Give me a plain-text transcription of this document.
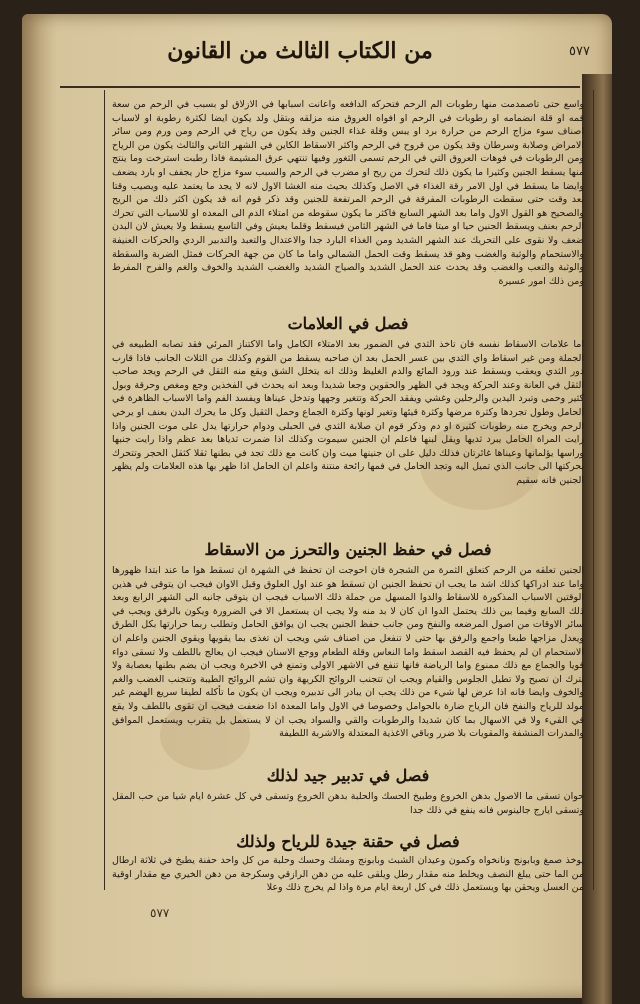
من الكتاب الثالث من القانون	٥٧٧
واسع حتى تاصمدمت منها رطوبات الم الرحم فتحركه الدافعه واعانت اسبابها في الازلاق لو بسبب في الرحم من سعة فمه او قلة انضمامه او رطوبات في الرحم او افواه العروق منه مزلقه وبتقل ولد يكون ايضا لكثرة رطوبة او لاسباب اصناف سوء مزاج الرحم من حرارة برد او يبس وقلة غذاء الجنين وقد يكون من رياح في الرحم ومن ورم ومن سائر الامراض وصلابة وسرطان وقد يكون من قروح في الرحم واكثر الاسقاط الكاين في الشهر الثاني والثالث يكون من الرياح ومن الرطوبات في فوهات العروق التي في الرحم تسمى الثغور وفيها تنتهي عرق المشيمة فاذا رطبت استرخت وما ينتج منها يسقط الجنين وكثيرا ما يكون ذلك لتحرك من ريح او مضرب في الرحم والسبب سوء مزاج حار يجفف او بارد يضعف وايضا ما يسقط في اول الامر رقة الغذاء في الاصل وكذلك بحيث منه الغشا الاول لانه لا يجد ما يعتمد عليه ويصيب وقتا بعد وقت حتى سقطت الرطوبات المفرقة في الرحم المرتفعة للجنين وقد ذكر قوم انه قد يكون اكثر ذلك من الريح والصحيح هو القول الاول واما بعد الشهر السابع فاكثر ما يكون سقوطه من امتلاء الدم الى المعده او للاسباب التي تحرك الرحم بعنف ويسقط الجنين حيا او ميتا فاما في الشهر الثامن فيسقط وقلما يعيش وفي التاسع يسقط ولا يعيش لان البدن ضعف ولا نقوى على التحريك عند الشهر الشديد ومن الغذاء البارد جدا والاعتدال والتعبد والتدبير الردي والحركات العنيفة والاستحمام والوثبة والغضب وهو قد يسقط وقت الحمل الشمالي واما ما كان من جهة الحركات فمثل الضربة والسقطة والوثبة والتعب والغضب وقد يحدث عند الحمل الشديد والصياح الشديد والغضب الشديد والخوف والغم والفرح المفرط ومن ذلك امور عسيرة
فصل في العلامات
اما علامات الاسقاط نفسه فان تاخذ الثدي في الضمور بعد الامتلاء الكامل واما الاكتناز المرئي فقد تصابه الطبيعه في الجملة ومن غير اسقاط واي الثدي بين عسر الحمل بعد ان صاحبه يسقط من القوم وكذلك من الثلاث الجانب فاذا قارب دور الثدي ويعقب ويسقط عند ورود المائع والدم الغليظ وذلك انه يتخلل الشق ويقع منه الثقل في الرحم ويجد صاحب الثقل في العانة وعند الحركة ويجد في الظهر والحقوين وجعا شديدا وبعد انه يحدث في الفخذين وجع ومغص وحرقة وبول كثير وحمى وتبرد اليدين والرجلين وغشي ويفقد الحركة وتتغير وجهها وتدخل عيناها ويفسد الفم واما الاسباب الظاهرة في الحامل وطول تجردها وكثرة مرضها وكثرة قيئها وتغير لونها وكثرة الجماع وحمل الثقيل وكل ما يحرك البدن بعنف او يرخي الرحم ويخرج منه رطوبات كثيرة او دم وذكر قوم ان صلابة الثدي في الحبلى ودوام حرارتها يدل على موت الجنين واذا رايت المراة الحامل يبرد ثديها ويقل لبنها فاعلم ان الجنين سيموت وكذلك اذا ضمرت ثدياها بعد عظم واذا رايت جنبها وراسها يؤلمانها وعيناها غائرتان فذلك دليل على ان جنينها ميت وان كانت مع ذلك تجد في بطنها ثقلا كثقل الحجر وتتحرك بحركتها الى جانب الذي تميل اليه وتجد الحامل في فمها رائحة منتنة واعلم ان الحامل اذا ظهر بها هذه العلامات ولم يظهر الجنين فانه سقيم
فصل في حفظ الجنين والتحرز من الاسقاط
الجنين تعلقه من الرحم كتعلق الثمرة من الشجرة فان احوجت ان تحفظ في الشهرة ان تسقط هوا ما عند ابتدا ظهورها واما عند ادراكها كذلك اشد ما يجب ان تحفظ الجنين ان تسقط هو عند اول العلوق وقبل الاوان فيجب ان يتوقى في هذين الوقتين الاسباب المذكورة للاسقاط والدوا المسهل من جملة ذلك الاسباب فيجب ان يتوقى جانبه الى الشهر الرابع وبعد ذلك السابع وفيما بين ذلك يحتمل الدوا ان كان لا بد منه ولا يجب ان يستعمل الا في الضرورة ويكون بالرفق ويجب في سائر الاوقات من اصول المرضعه والنفخ ومن جانب حفظ الجنين يجب ان يوافق الحامل وتطلب ربما حرارتها بكل الطرق ويعدل مزاجها طبعا واجمع والرفق بها حتى لا تنفعل من اصناف شي ويجب ان تغذى بما يقويها ويقوي الجنين واعلم ان الاستحمام ان لم يحفظ فيه القصد اسقط واما النعاس وقلة الطعام ووجع الاسنان فيجب ان يعالج باللطف ولا تسقى دواء قويا والجماع مع ذلك ممنوع واما الرياضة فانها تنفع في الاشهر الاولى وتمنع في الاخيرة ويجب ان يضم بطنها بعصابة ولا يترك ان تصيح ولا تطيل الجلوس والقيام ويجب ان تتجنب الروائح الكريهة وان تشم الروائح الطيبة وتتجنب الغضب والغم والخوف وايضا فانه اذا عرض لها شيء من ذلك يجب ان يبادر الى تدبيره ويجب ان يكون ما تأكله لطيفا سريع الهضم غير مولد للرياح والنفخ فان الرياح ضارة بالحوامل وخصوصا في الاول واما المعدة اذا ضعفت فيجب ان تقوى باللطف ولا يقع في القيء ولا في الاسهال بما كان شديدا والرطوبات والقي والسواد يجب ان لا يستعمل بل يتقرب ويستعمل الموافق والمدرات المنشفة والمقويات بلا ضرر وباقي الاغذية المعتدلة والاشربة اللطيفة
فصل في تدبير جيد لذلك
حوان تسقى ما الاصول بدهن الخروع وطبيخ الحسك والحلبة بدهن الخروع وتسقى في كل عشرة ايام شيا من حب المقل وتسقى ايارج جالينوس فانه ينفع في ذلك جدا
فصل في حقنة جيدة للرياح ولذلك
يوخذ صمغ وبابونج ونانخواه وكمون وعيدان الشبث وبابونج ومشك وحسك وحلبة من كل واحد حفنة يطبخ في ثلاثة ارطال من الما حتى يبلغ النصف ويخلط منه مقدار رطل ويلقى عليه من دهن الرازقي وسكرجة من دهن الخيري مع مقدار اوقية من العسل ويحقن بها ويستعمل ذلك في كل اربعة ايام مرة واذا لم يخرج ذلك وعلا
٥٧٧
